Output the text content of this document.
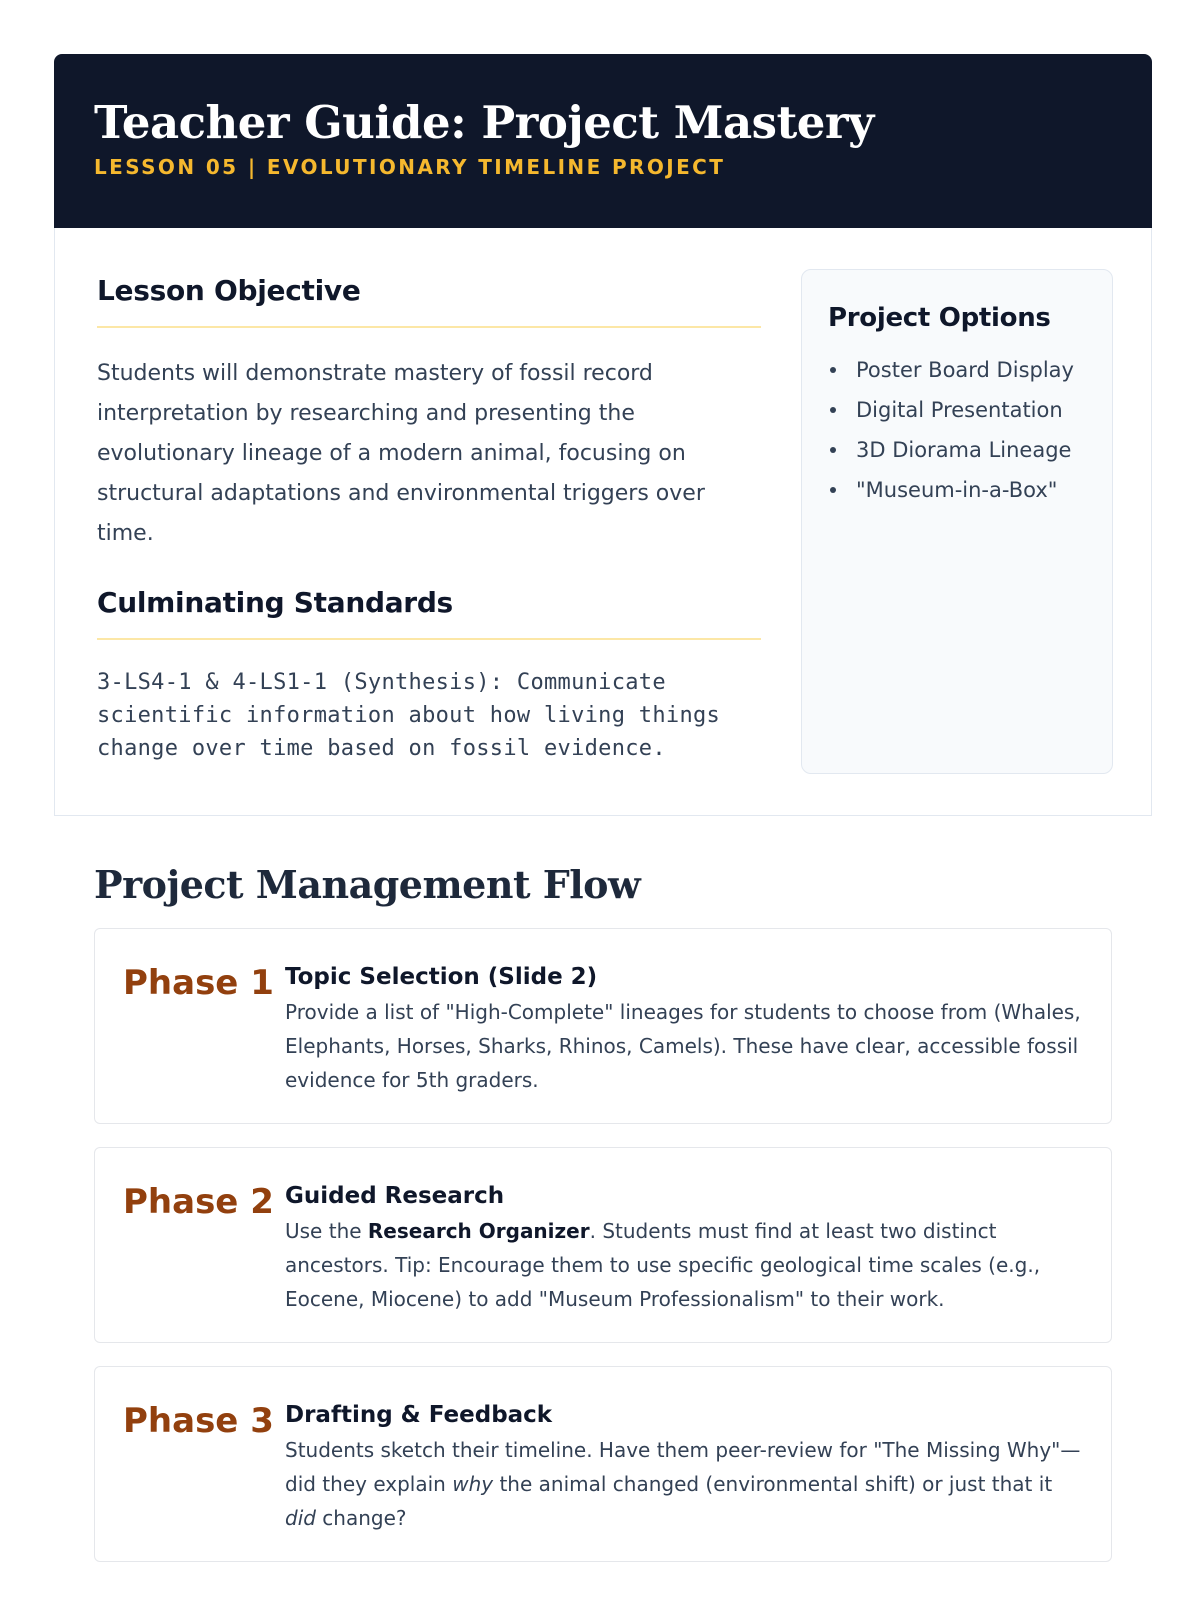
Teacher Guide: Project Mastery
LESSON 05 | EVOLUTIONARY TIMELINE PROJECT
Lesson Objective
Students will demonstrate mastery of fossil record interpretation by researching and presenting the evolutionary lineage of a modern animal, focusing on structural adaptations and environmental triggers over time.
Culminating Standards
3-LS4-1 & 4-LS1-1 (Synthesis): Communicate scientific information about how living things change over time based on fossil evidence.
Project Options
Poster Board Display
Digital Presentation
3D Diorama Lineage
"Museum-in-a-Box"
Project Management Flow
Phase 1 Topic Selection (Slide 2)
Provide a list of "High-Complete" lineages for students to choose from (Whales, Elephants, Horses, Sharks, Rhinos, Camels). These have clear, accessible fossil evidence for 5th graders.
Phase 2 Guided Research
Use the Research Organizer. Students must find at least two distinct ancestors. Tip: Encourage them to use specific geological time scales (e.g., Eocene, Miocene) to add "Museum Professionalism" to their work.
Phase 3 Drafting & Feedback
Students sketch their timeline. Have them peer-review for "The Missing Why"—did they explain why the animal changed (environmental shift) or just that it did change?
